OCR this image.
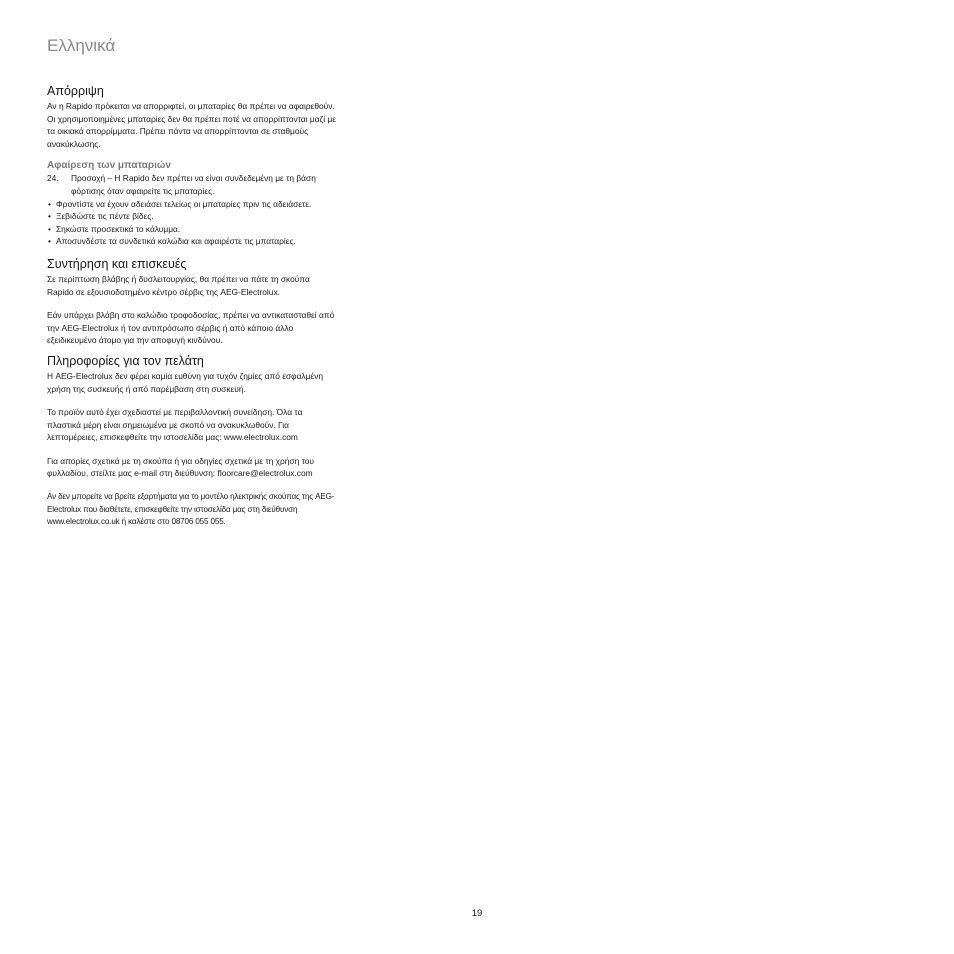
Ελληνικά
Απόρριψη

Αν η Rapido πρόκειται να απορριφτεί, οι μπαταρίες θα πρέπει να αφαιρεθούν. Οι χρησιμοποιημένες μπαταρίες δεν θα πρέπει ποτέ να απορρίπτονται μαζί με τα οικιακά απορρίμματα. Πρέπει πάντα να απορρίπτονται σε σταθμούς ανακύκλωσης.

Αφαίρεση των μπαταριών
24. Προσοχή – Η Rapido δεν πρέπει να είναι συνδεδεμένη με τη βάση φόρτισης όταν αφαιρείτε τις μπαταρίες.
• Φροντίστε να έχουν αδειάσει τελείως οι μπαταρίες πριν τις αδειάσετε.
• Ξεβιδώστε τις πέντε βίδες.
• Σηκώστε προσεκτικά το κάλυμμα.
• Αποσυνδέστε τα συνδετικά καλώδια και αφαιρέστε τις μπαταρίες.
Συντήρηση και επισκευές

Σε περίπτωση βλάβης ή δυσλειτουργίας, θα πρέπει να πάτε τη σκούπα Rapido σε εξουσιοδοτημένο κέντρο σέρβις της AEG-Electrolux.

Εάν υπάρχει βλάβη στο καλώδιο τροφοδοσίας, πρέπει να αντικατασταθεί από την AEG-Electrolux ή τον αντιπρόσωπο σέρβις ή από κάποιο άλλο εξειδικευμένο άτομο για την αποφυγή κινδύνου.

Πληροφορίες για τον πελάτη

Η AEG-Electrolux δεν φέρει καμία ευθύνη για τυχόν ζημίες από εσφαλμένη χρήση της συσκευής ή από παρέμβαση στη συσκευή.

Το προϊόν αυτό έχει σχεδιαστεί με περιβαλλοντική συνείδηση. Όλα τα πλαστικά μέρη είναι σημειωμένα με σκοπό να ανακυκλωθούν. Για λεπτομέρειες, επισκεφθείτε την ιστοσελίδα μας: www.electrolux.com

Για απορίες σχετικά με τη σκούπα ή για οδηγίες σχετικά με τη χρήση του φυλλαδίου, στείλτε μας e-mail στη διεύθυνση: floorcare@electrolux.com

Αν δεν μπορείτε να βρείτε εξαρτήματα για το μοντέλο ηλεκτρικής σκούπας της AEG-Electrolux που διαθέτετε, επισκεφθείτε την ιστοσελίδα μας στη διεύθυνση www.electrolux.co.uk ή καλέστε στο 08706 055 055.

19
